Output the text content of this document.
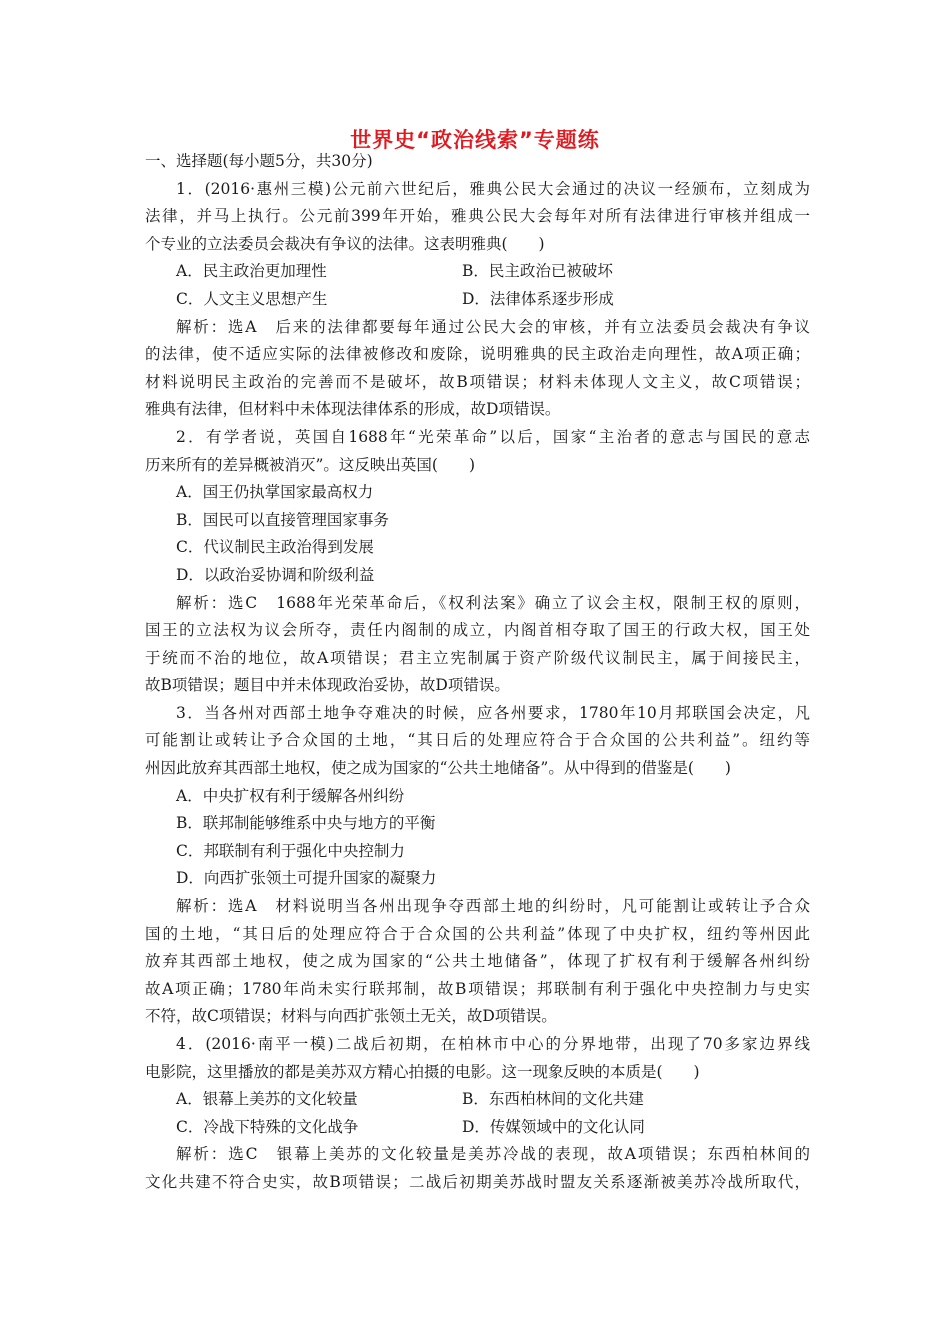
世界史“政治线索”专题练
一、选择题(每小题5分，共30分)
1．(2016·惠州三模)公元前六世纪后，雅典公民大会通过的决议一经颁布，立刻成为
法律，并马上执行。公元前399年开始，雅典公民大会每年对所有法律进行审核并组成一
个专业的立法委员会裁决有争议的法律。这表明雅典(　　)
A．民主政治更加理性	B．民主政治已被破坏
C．人文主义思想产生	D．法律体系逐步形成
解析：选A　后来的法律都要每年通过公民大会的审核，并有立法委员会裁决有争议
的法律，使不适应实际的法律被修改和废除，说明雅典的民主政治走向理性，故A项正确；
材料说明民主政治的完善而不是破坏，故B项错误；材料未体现人文主义，故C项错误；
雅典有法律，但材料中未体现法律体系的形成，故D项错误。
2．有学者说，英国自1688年“光荣革命”以后，国家“主治者的意志与国民的意志
历来所有的差异概被消灭”。这反映出英国(　　)
A．国王仍执掌国家最高权力
B．国民可以直接管理国家事务
C．代议制民主政治得到发展
D．以政治妥协调和阶级利益
解析：选C　1688年光荣革命后，《权利法案》确立了议会主权，限制王权的原则，
国王的立法权为议会所夺，责任内阁制的成立，内阁首相夺取了国王的行政大权，国王处
于统而不治的地位，故A项错误；君主立宪制属于资产阶级代议制民主，属于间接民主，
故B项错误；题目中并未体现政治妥协，故D项错误。
3．当各州对西部土地争夺难决的时候，应各州要求，1780年10月邦联国会决定，凡
可能割让或转让予合众国的土地，“其日后的处理应符合于合众国的公共利益”。纽约等
州因此放弃其西部土地权，使之成为国家的“公共土地储备”。从中得到的借鉴是(　　)
A．中央扩权有利于缓解各州纠纷
B．联邦制能够维系中央与地方的平衡
C．邦联制有利于强化中央控制力
D．向西扩张领土可提升国家的凝聚力
解析：选A　材料说明当各州出现争夺西部土地的纠纷时，凡可能割让或转让予合众
国的土地，“其日后的处理应符合于合众国的公共利益”体现了中央扩权，纽约等州因此
放弃其西部土地权，使之成为国家的“公共土地储备”，体现了扩权有利于缓解各州纠纷
故A项正确；1780年尚未实行联邦制，故B项错误；邦联制有利于强化中央控制力与史实
不符，故C项错误；材料与向西扩张领土无关，故D项错误。
4．(2016·南平一模)二战后初期，在柏林市中心的分界地带，出现了70多家边界线
电影院，这里播放的都是美苏双方精心拍摄的电影。这一现象反映的本质是(　　)
A．银幕上美苏的文化较量	B．东西柏林间的文化共建
C．冷战下特殊的文化战争	D．传媒领域中的文化认同
解析：选C　银幕上美苏的文化较量是美苏冷战的表现，故A项错误；东西柏林间的
文化共建不符合史实，故B项错误；二战后初期美苏战时盟友关系逐渐被美苏冷战所取代，
